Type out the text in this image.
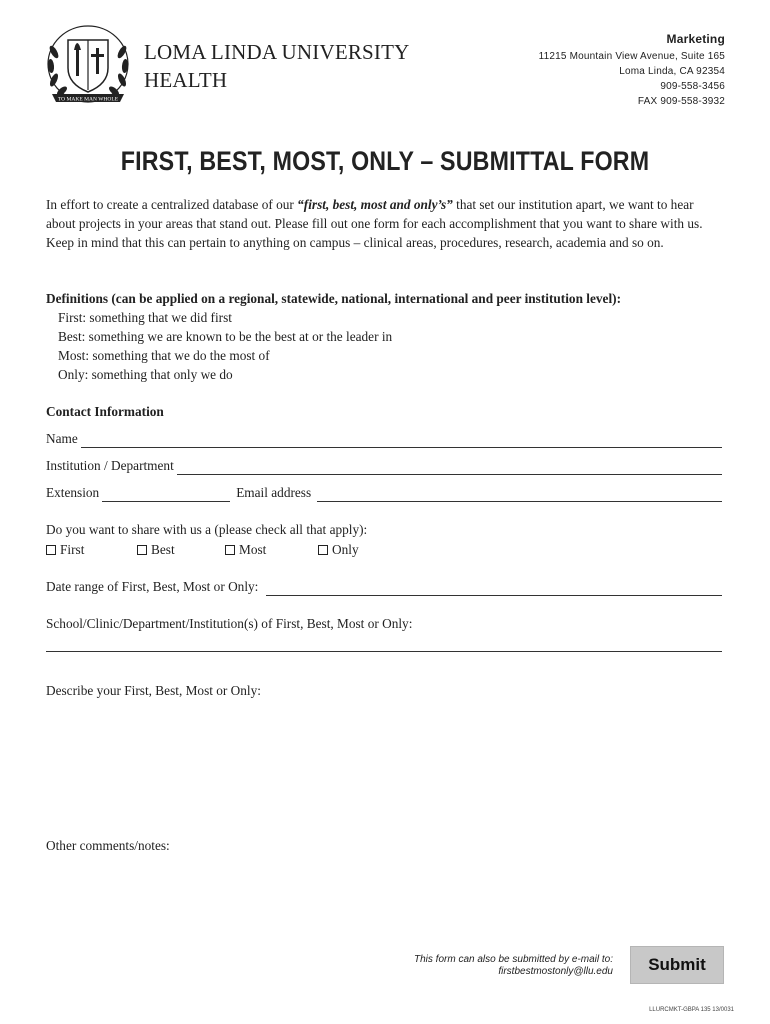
TO MAKE MAN WHOLE
LOMA LINDA UNIVERSITY
HEALTH
Marketing
11215 Mountain View Avenue, Suite 165
Loma Linda, CA 92354
909-558-3456
FAX 909-558-3932
FIRST, BEST, MOST, ONLY – SUBMITTAL FORM
In effort to create a centralized database of our “first, best, most and only’s” that set our institution apart, we want to hear about projects in your areas that stand out. Please fill out one form for each accomplishment that you want to share with us. Keep in mind that this can pertain to anything on campus – clinical areas, procedures, research, academia and so on.
Definitions (can be applied on a regional, statewide, national, international and peer institution level):
First: something that we did first
Best: something we are known to be the best at or the leader in
Most: something that we do the most of
Only: something that only we do
Contact Information
Name
Institution / Department
Extension	Email address
Do you want to share with us a (please check all that apply):
First	Best	Most	Only
Date range of First, Best, Most or Only:
School/Clinic/Department/Institution(s) of First, Best, Most or Only:
Describe your First, Best, Most or Only:
Other comments/notes:
This form can also be submitted by e-mail to:
firstbestmostonly@llu.edu	Submit
LLURCMKT-GBPA 135 13/0031
